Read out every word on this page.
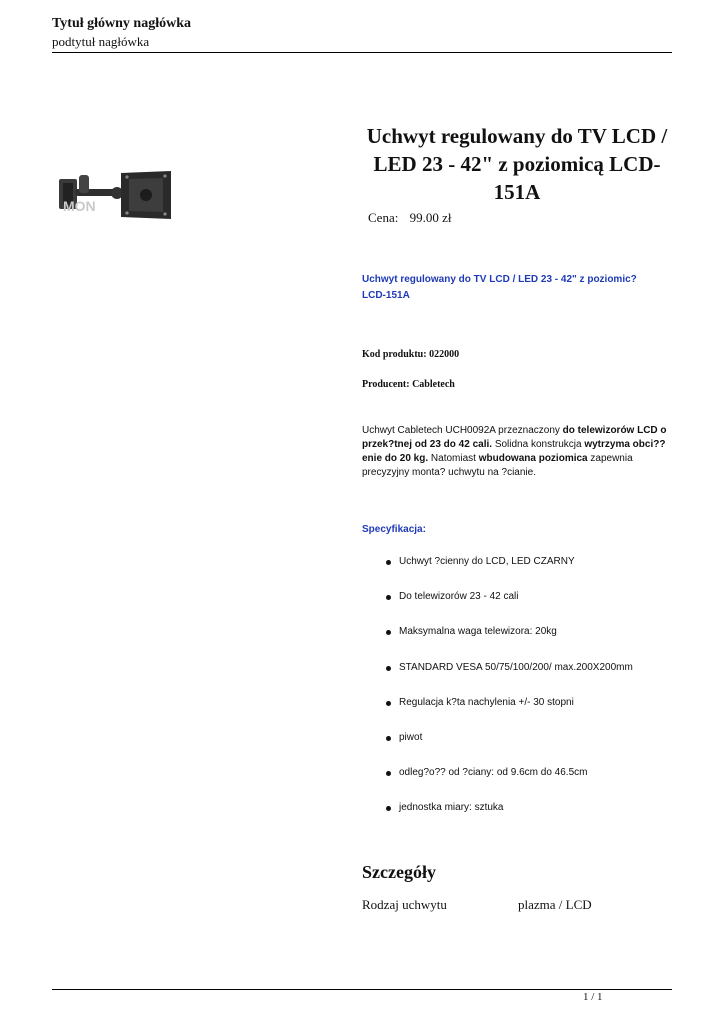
Tytuł główny nagłówka
podtytuł nagłówka
MON
Uchwyt regulowany do TV LCD / LED 23 - 42" z poziomicą LCD-151A
Cena: 99.00 zł
Uchwyt regulowany do TV LCD / LED 23 - 42" z poziomic? LCD-151A
Kod produktu: 022000
Producent: Cabletech
Uchwyt Cabletech UCH0092A przeznaczony do telewizorów LCD o przek?tnej od 23 do 42 cali. Solidna konstrukcja wytrzyma obci??enie do 20 kg. Natomiast wbudowana poziomica zapewnia precyzyjny monta? uchwytu na ?cianie.
Specyfikacja:
Uchwyt ?cienny do LCD, LED CZARNY
Do telewizorów 23 - 42 cali
Maksymalna waga telewizora: 20kg
STANDARD VESA 50/75/100/200/ max.200X200mm
Regulacja k?ta nachylenia +/- 30 stopni
piwot
odleg?o?? od ?ciany: od 9.6cm do 46.5cm
jednostka miary: sztuka
Szczegóły
Rodzaj uchwytu	plazma / LCD
1 / 1
